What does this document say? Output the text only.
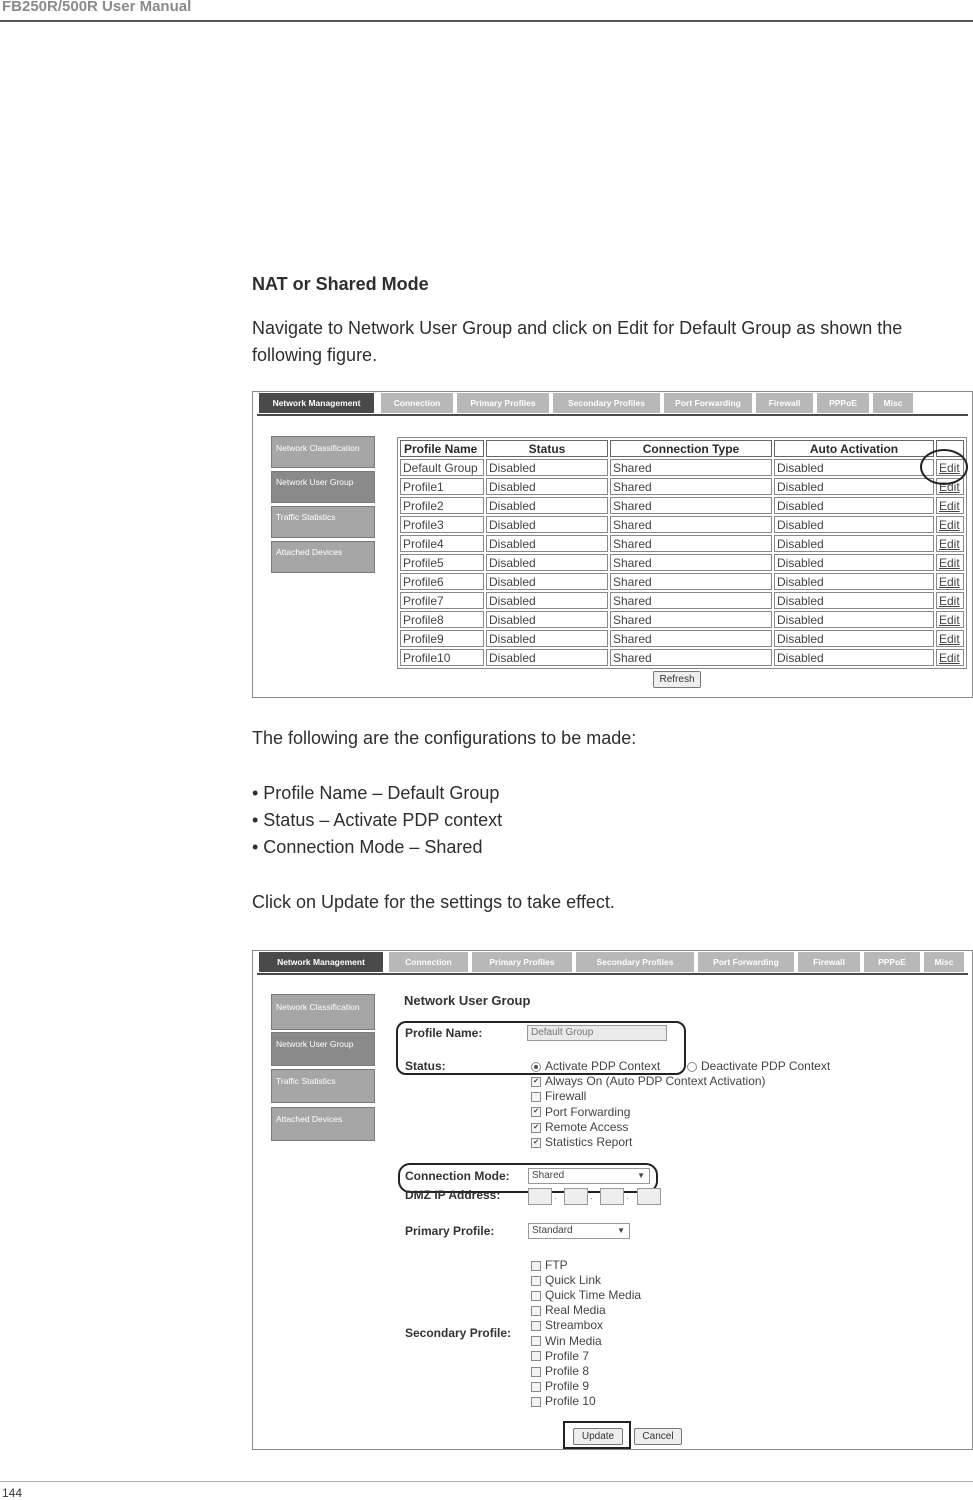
FB250R/500R User Manual
NAT or Shared Mode
Navigate to Network User Group and click on Edit for Default Group as shown the
following figure.
Network Management	Connection	Primary Profiles	Secondary Profiles	Port Forwarding	Firewall	PPPoE	Misc
Network Classification
Network User Group
Traffic Statistics
Attached Devices
Profile Name	Status	Connection Type	Auto Activation	
Default Group	Disabled	Shared	Disabled	Edit
Profile1	Disabled	Shared	Disabled	Edit
Profile2	Disabled	Shared	Disabled	Edit
Profile3	Disabled	Shared	Disabled	Edit
Profile4	Disabled	Shared	Disabled	Edit
Profile5	Disabled	Shared	Disabled	Edit
Profile6	Disabled	Shared	Disabled	Edit
Profile7	Disabled	Shared	Disabled	Edit
Profile8	Disabled	Shared	Disabled	Edit
Profile9	Disabled	Shared	Disabled	Edit
Profile10	Disabled	Shared	Disabled	Edit
Refresh
The following are the configurations to be made:
• Profile Name – Default Group
• Status – Activate PDP context
• Connection Mode – Shared
Click on Update for the settings to take effect.
Network Management	Connection	Primary Profiles	Secondary Profiles	Port Forwarding	Firewall	PPPoE	Misc
Network Classification
Network User Group
Traffic Statistics
Attached Devices
Network User Group
Profile Name:	Default Group
Status:	Activate PDP Context	Deactivate PDP Context
✔ Always On (Auto PDP Context Activation)
Firewall
✔ Port Forwarding
✔ Remote Access
✔ Statistics Report
Connection Mode:	Shared	▼
DMZ IP Address:	.	.	.
Primary Profile:	Standard	▼
Secondary Profile:
FTP
Quick Link
Quick Time Media
Real Media
Streambox
Win Media
Profile 7
Profile 8
Profile 9
Profile 10
Update	Cancel
144
